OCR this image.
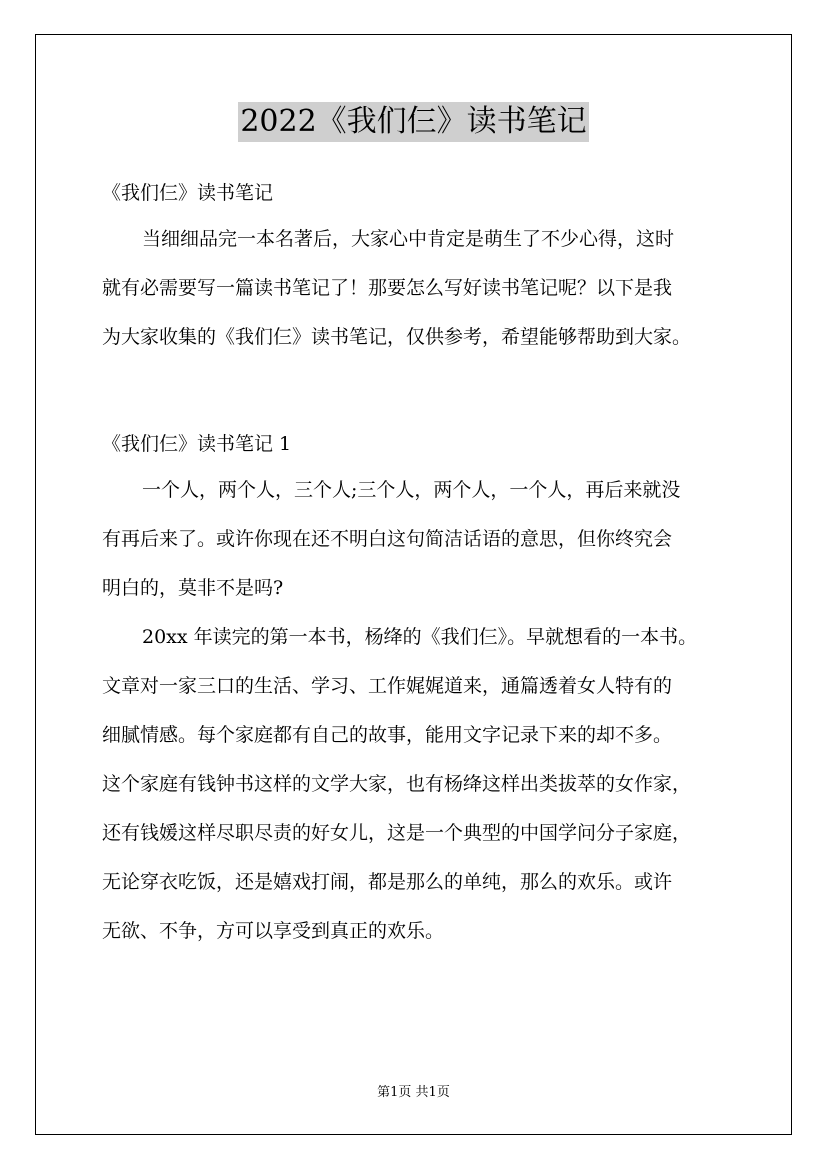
2022《我们仨》读书笔记
《我们仨》读书笔记
当细细品完一本名著后，大家心中肯定是萌生了不少心得，这时
就有必需要写一篇读书笔记了！那要怎么写好读书笔记呢？以下是我
为大家收集的《我们仨》读书笔记，仅供参考，希望能够帮助到大家。
《我们仨》读书笔记 1
一个人，两个人，三个人;三个人，两个人，一个人，再后来就没
有再后来了。或许你现在还不明白这句简洁话语的意思，但你终究会
明白的，莫非不是吗?
20xx 年读完的第一本书，杨绛的《我们仨》。早就想看的一本书。
文章对一家三口的生活、学习、工作娓娓道来，通篇透着女人特有的
细腻情感。每个家庭都有自己的故事，能用文字记录下来的却不多。
这个家庭有钱钟书这样的文学大家，也有杨绛这样出类拔萃的女作家，
还有钱媛这样尽职尽责的好女儿，这是一个典型的中国学问分子家庭，
无论穿衣吃饭，还是嬉戏打闹，都是那么的单纯，那么的欢乐。或许
无欲、不争，方可以享受到真正的欢乐。
第1页 共1页
